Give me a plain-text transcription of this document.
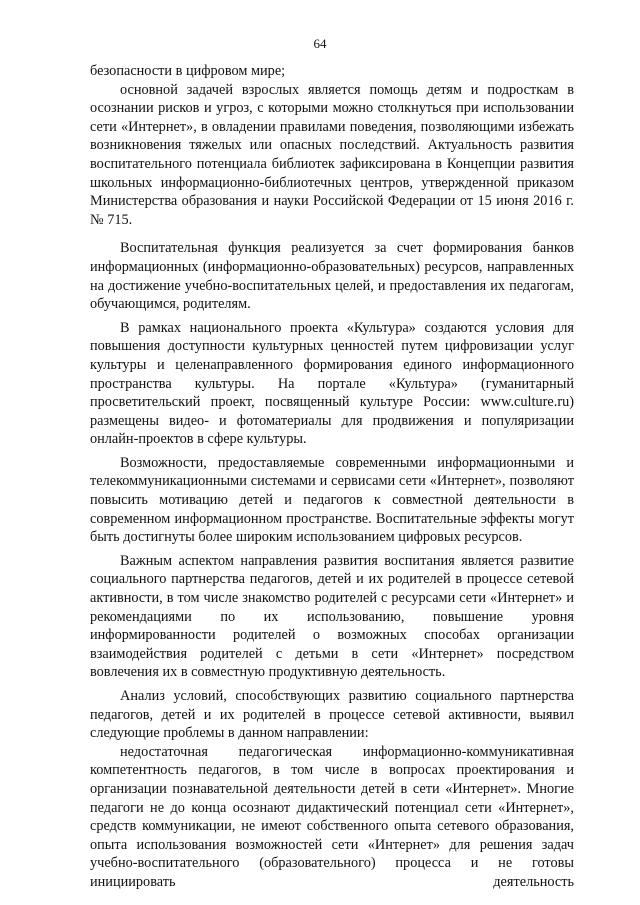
64

безопасности в цифровом мире;

основной задачей взрослых является помощь детям и подросткам в осознании рисков и угроз, с которыми можно столкнуться при использовании сети «Интернет», в овладении правилами поведения, позволяющими избежать возникновения тяжелых или опасных последствий. Актуальность развития воспитательного потенциала библиотек зафиксирована в Концепции развития школьных информационно-библиотечных центров, утвержденной приказом Министерства образования и науки Российской Федерации от 15 июня 2016 г. № 715.

Воспитательная функция реализуется за счет формирования банков информационных (информационно-образовательных) ресурсов, направленных на достижение учебно-воспитательных целей, и предоставления их педагогам, обучающимся, родителям.

В рамках национального проекта «Культура» создаются условия для повышения доступности культурных ценностей путем цифровизации услуг культуры и целенаправленного формирования единого информационного пространства культуры. На портале «Культура» (гуманитарный просветительский проект, посвященный культуре России: www.culture.ru) размещены видео- и фотоматериалы для продвижения и популяризации онлайн-проектов в сфере культуры.

Возможности, предоставляемые современными информационными и телекоммуникационными системами и сервисами сети «Интернет», позволяют повысить мотивацию детей и педагогов к совместной деятельности в современном информационном пространстве. Воспитательные эффекты могут быть достигнуты более широким использованием цифровых ресурсов.

Важным аспектом направления развития воспитания является развитие социального партнерства педагогов, детей и их родителей в процессе сетевой активности, в том числе знакомство родителей с ресурсами сети «Интернет» и рекомендациями по их использованию, повышение уровня информированности родителей о возможных способах организации взаимодействия родителей с детьми в сети «Интернет» посредством вовлечения их в совместную продуктивную деятельность.

Анализ условий, способствующих развитию социального партнерства педагогов, детей и их родителей в процессе сетевой активности, выявил следующие проблемы в данном направлении:

недостаточная педагогическая информационно-коммуникативная компетентность педагогов, в том числе в вопросах проектирования и организации познавательной деятельности детей в сети «Интернет». Многие педагоги не до конца осознают дидактический потенциал сети «Интернет», средств коммуникации, не имеют собственного опыта сетевого образования, опыта использования возможностей сети «Интернет» для решения задач учебно-воспитательного (образовательного) процесса и не готовы инициировать деятельность
